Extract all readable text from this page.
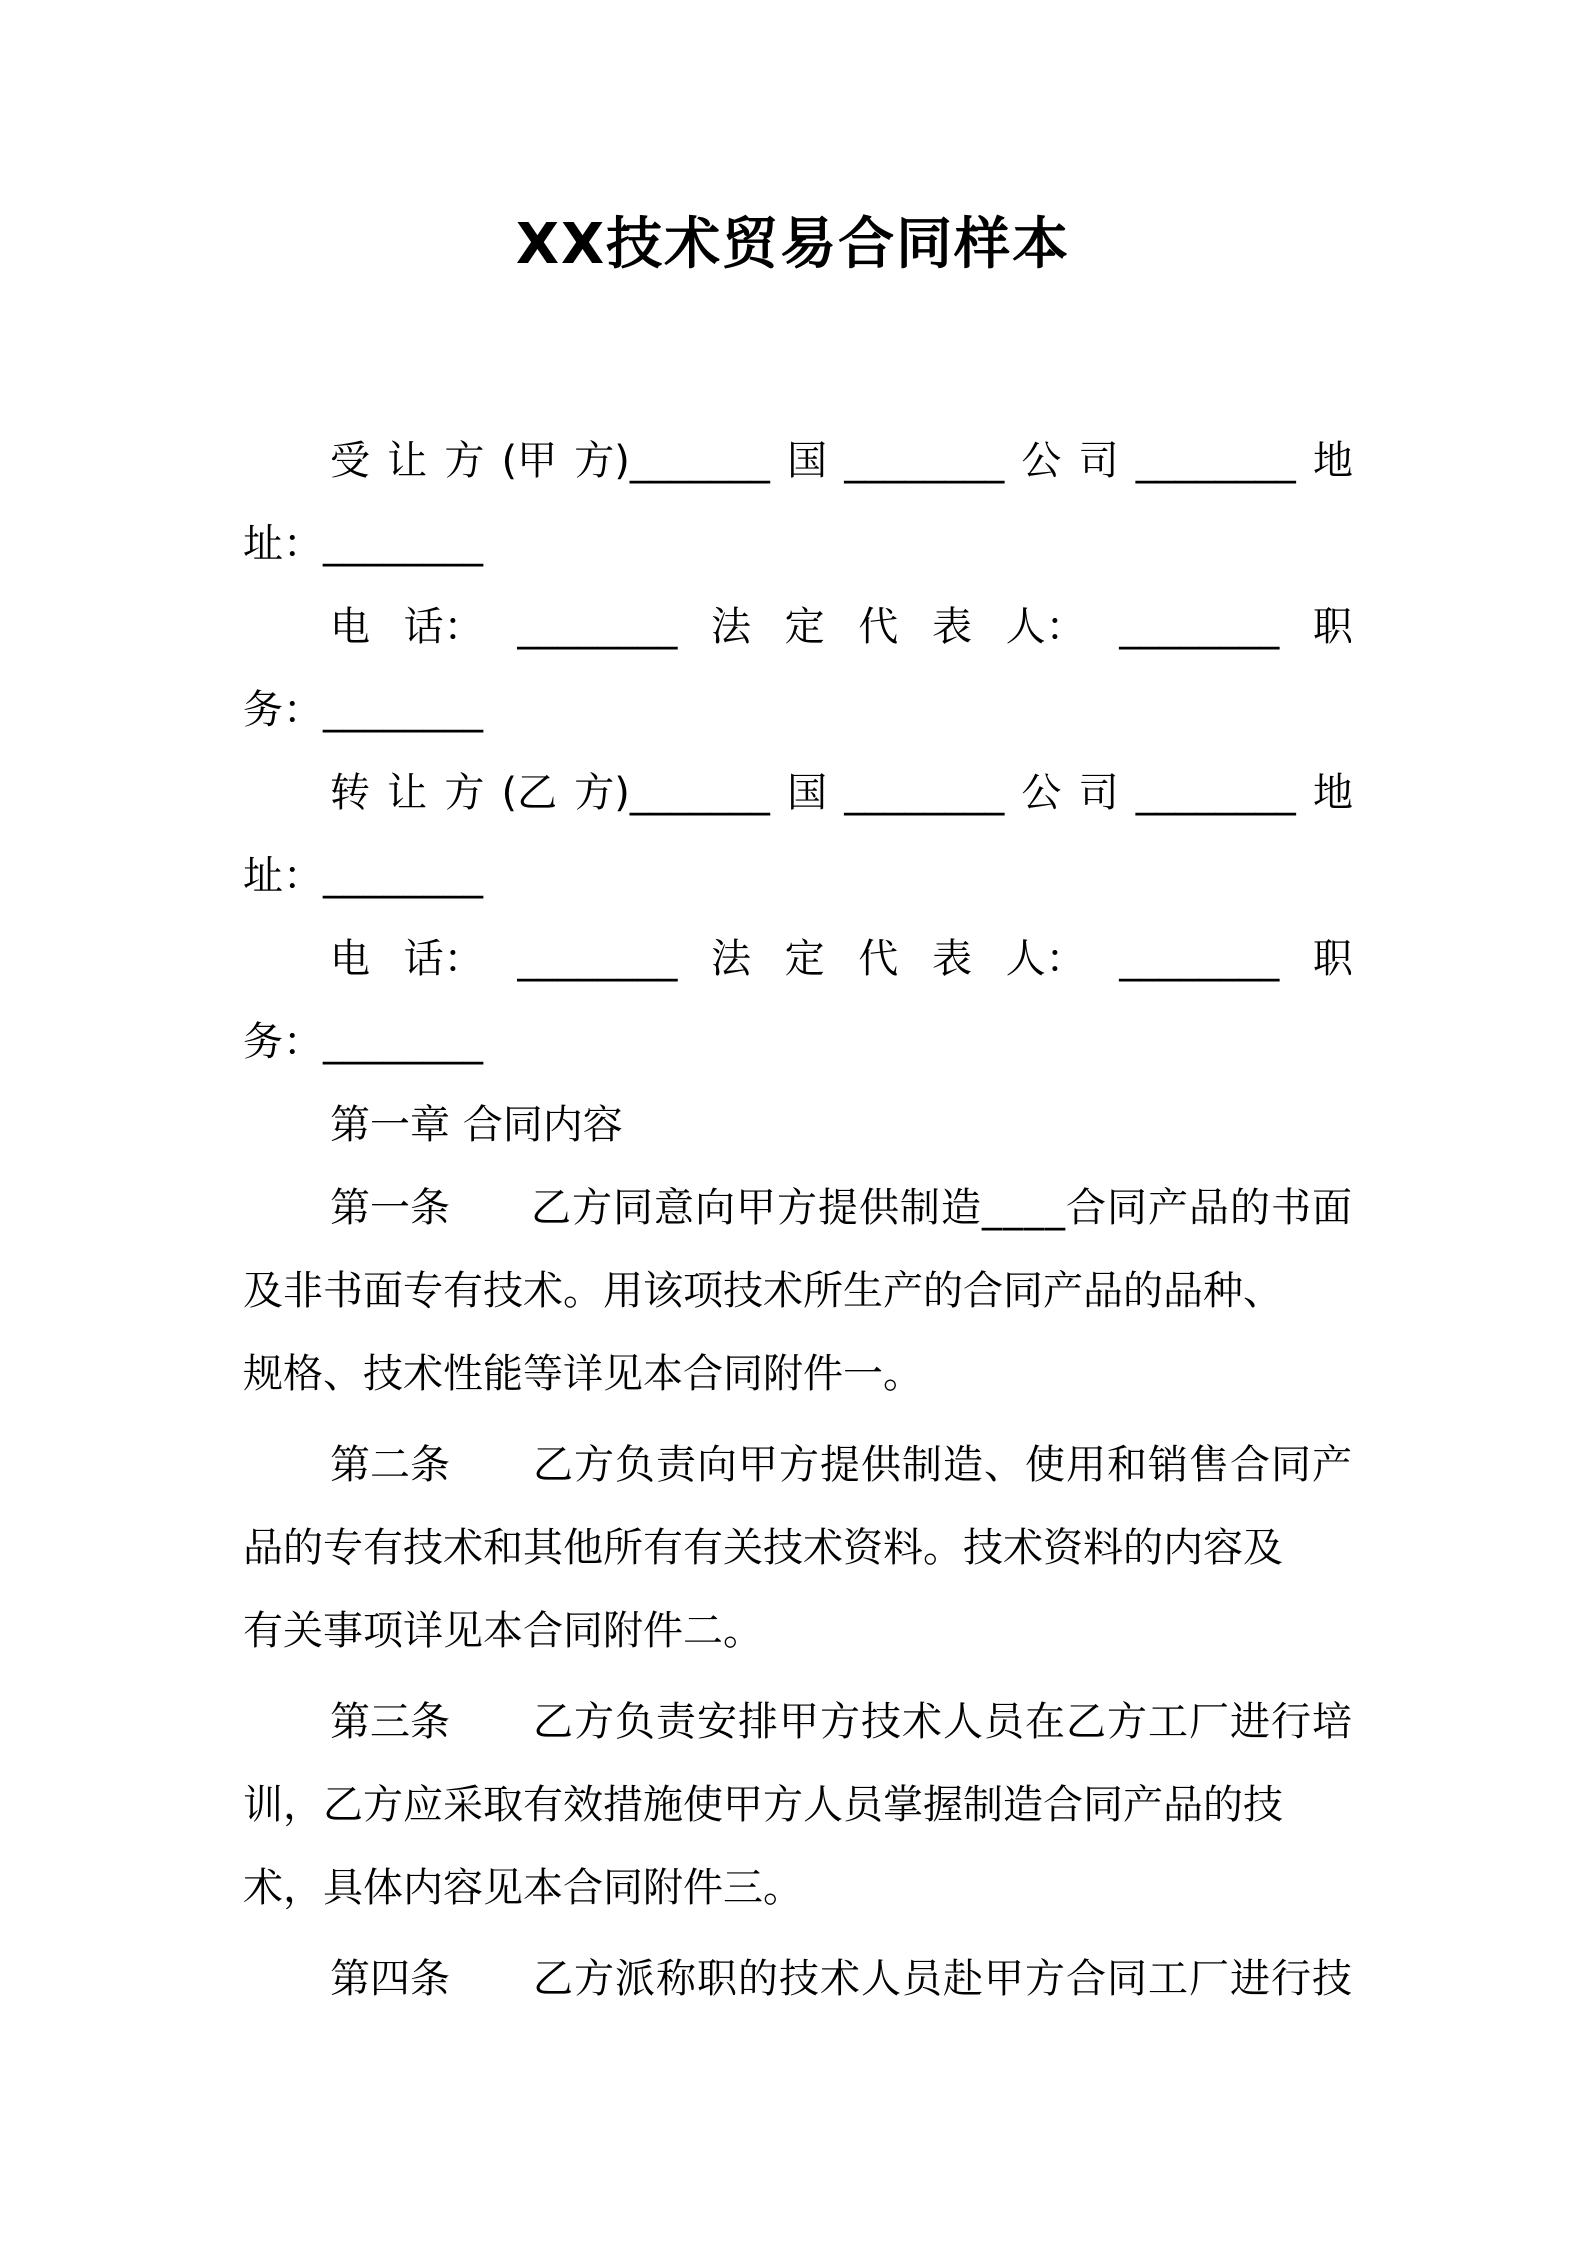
XX技术贸易合同样本
受 让 方 (甲 方)_______ 国 ________ 公 司 ________ 地
址：________
电 话： ________ 法 定 代 表 人： ________ 职
务：________
转 让 方 (乙 方)_______ 国 ________ 公 司 ________ 地
址：________
电 话： ________ 法 定 代 表 人： ________ 职
务：________
第一章 合同内容
第一条 乙方同意向甲方提供制造____合同产品的书面
及非书面专有技术。用该项技术所生产的合同产品的品种、
规格、技术性能等详见本合同附件一。
第二条 乙方负责向甲方提供制造、使用和销售合同产
品的专有技术和其他所有有关技术资料。技术资料的内容及
有关事项详见本合同附件二。
第三条 乙方负责安排甲方技术人员在乙方工厂进行培
训，乙方应采取有效措施使甲方人员掌握制造合同产品的技
术，具体内容见本合同附件三。
第四条 乙方派称职的技术人员赴甲方合同工厂进行技
